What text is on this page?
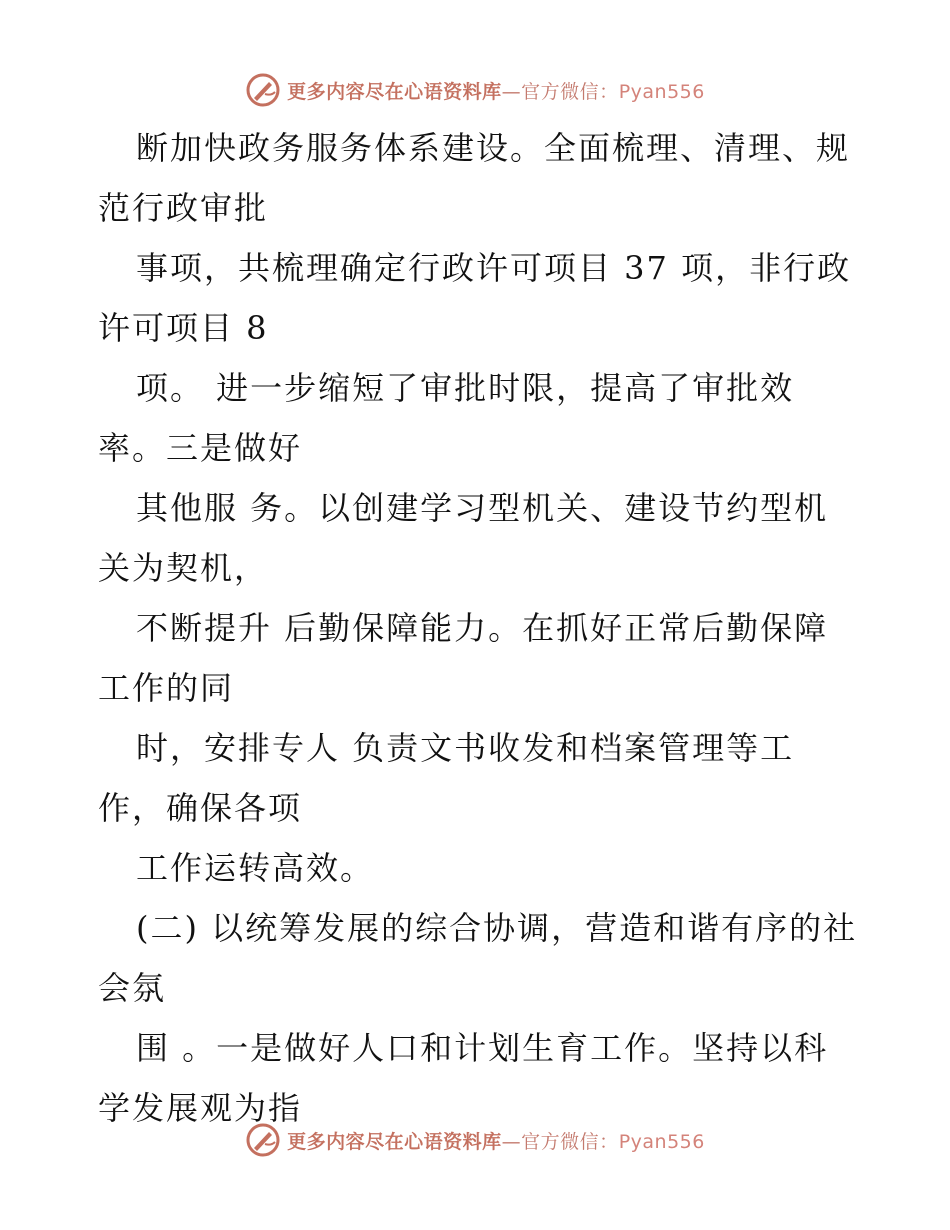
更多内容尽在心语资料库—官方微信：Pyan556
断加快政务服务体系建设。全面梳理、清理、规
范行政审批
事项，共梳理确定行政许可项目 37 项，非行政
许可项目 8
项。 进一步缩短了审批时限，提高了审批效
率。三是做好
其他服 务。以创建学习型机关、建设节约型机
关为契机，
不断提升 后勤保障能力。在抓好正常后勤保障
工作的同
时，安排专人 负责文书收发和档案管理等工
作，确保各项
工作运转高效。
(二) 以统筹发展的综合协调，营造和谐有序的社
会氛
围 。一是做好人口和计划生育工作。坚持以科
学发展观为指
更多内容尽在心语资料库—官方微信：Pyan556
